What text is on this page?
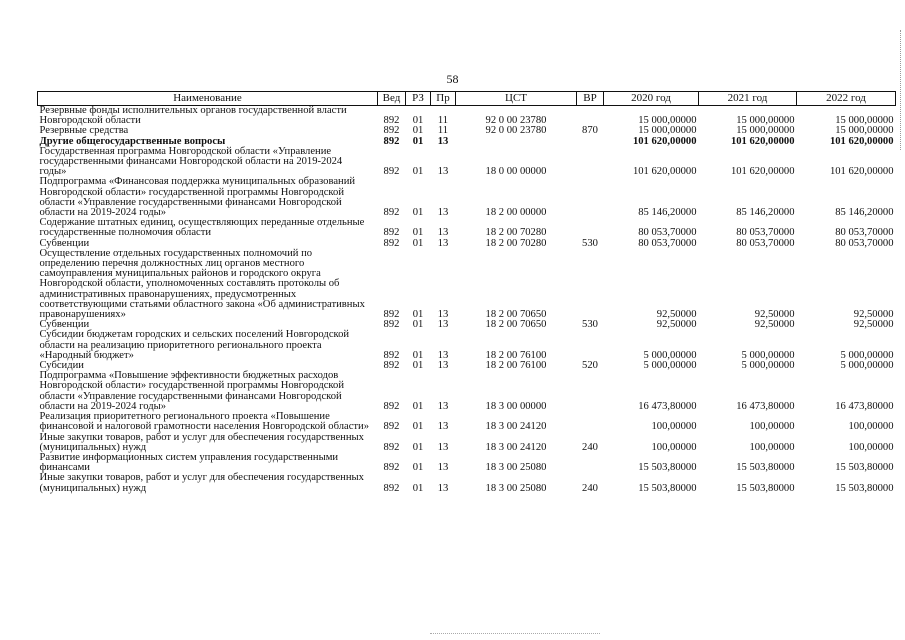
58
Наименование	Вед	РЗ	Пр	ЦСТ	ВР	2020 год	2021 год	2022 год
Резервные фонды исполнительных органов государственной власти Новгородской области	892	01	11	92 0 00 23780		15 000,00000	15 000,00000	15 000,00000
Резервные средства	892	01	11	92 0 00 23780	870	15 000,00000	15 000,00000	15 000,00000
Другие общегосударственные вопросы	892	01	13			101 620,00000	101 620,00000	101 620,00000
Государственная программа Новгородской области «Управление государственными финансами Новгородской области на 2019-2024 годы»	892	01	13	18 0 00 00000		101 620,00000	101 620,00000	101 620,00000
Подпрограмма «Финансовая поддержка муниципальных образований Новгородской области» государственной программы Новгородской области «Управление государственными финансами Новгородской области на 2019-2024 годы»	892	01	13	18 2 00 00000		85 146,20000	85 146,20000	85 146,20000
Содержание штатных единиц, осуществляющих переданные отдельные государственные полномочия области	892	01	13	18 2 00 70280		80 053,70000	80 053,70000	80 053,70000
Субвенции	892	01	13	18 2 00 70280	530	80 053,70000	80 053,70000	80 053,70000
Осуществление отдельных государственных полномочий по определению перечня должностных лиц органов местного самоуправления муниципальных районов и городского округа Новгородской области, уполномоченных составлять протоколы об административных правонарушениях, предусмотренных соответствующими статьями областного закона «Об административных правонарушениях»	892	01	13	18 2 00 70650		92,50000	92,50000	92,50000
Субвенции	892	01	13	18 2 00 70650	530	92,50000	92,50000	92,50000
Субсидии бюджетам городских и сельских поселений Новгородской области на реализацию приоритетного регионального проекта «Народный бюджет»	892	01	13	18 2 00 76100		5 000,00000	5 000,00000	5 000,00000
Субсидии	892	01	13	18 2 00 76100	520	5 000,00000	5 000,00000	5 000,00000
Подпрограмма «Повышение эффективности бюджетных расходов Новгородской области» государственной программы Новгородской области «Управление государственными финансами Новгородской области на 2019-2024 годы»	892	01	13	18 3 00 00000		16 473,80000	16 473,80000	16 473,80000
Реализация приоритетного регионального проекта «Повышение финансовой и налоговой грамотности населения Новгородской области»	892	01	13	18 3 00 24120		100,00000	100,00000	100,00000
Иные закупки товаров, работ и услуг для обеспечения государственных (муниципальных) нужд	892	01	13	18 3 00 24120	240	100,00000	100,00000	100,00000
Развитие информационных систем управления государственными финансами	892	01	13	18 3 00 25080		15 503,80000	15 503,80000	15 503,80000
Иные закупки товаров, работ и услуг для обеспечения государственных (муниципальных) нужд	892	01	13	18 3 00 25080	240	15 503,80000	15 503,80000	15 503,80000
